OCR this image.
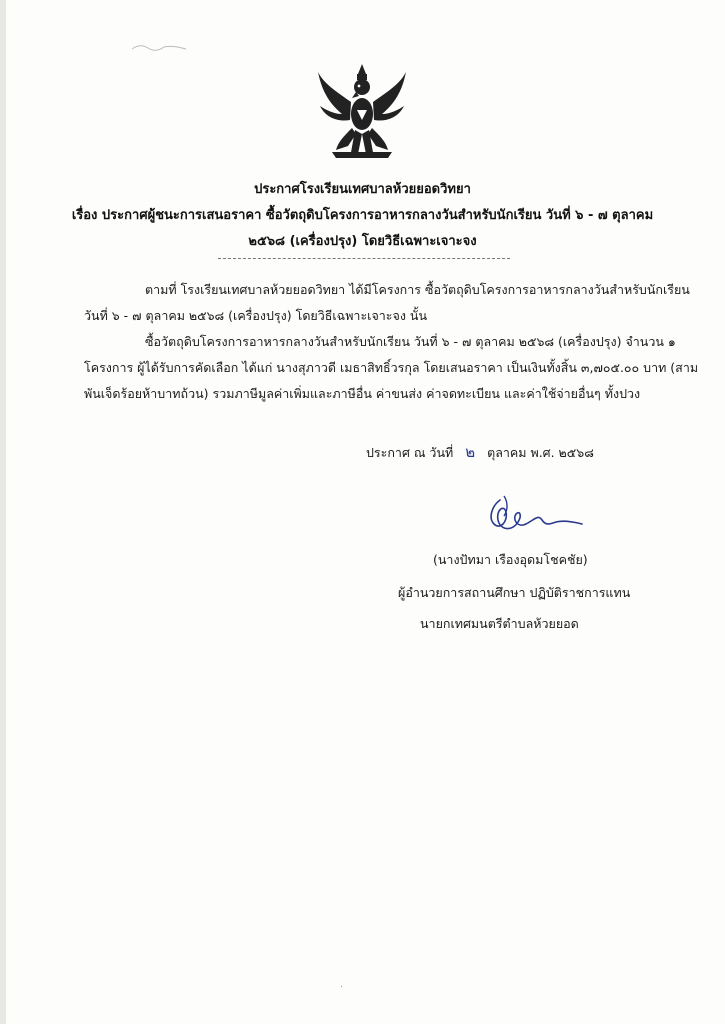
ประกาศโรงเรียนเทศบาลห้วยยอดวิทยา
เรื่อง ประกาศผู้ชนะการเสนอราคา ซื้อวัตถุดิบโครงการอาหารกลางวันสำหรับนักเรียน วันที่ ๖ - ๗ ตุลาคม
๒๕๖๘ (เครื่องปรุง) โดยวิธีเฉพาะเจาะจง
ตามที่ โรงเรียนเทศบาลห้วยยอดวิทยา ได้มีโครงการ ซื้อวัตถุดิบโครงการอาหารกลางวันสำหรับนักเรียน
วันที่ ๖ - ๗ ตุลาคม ๒๕๖๘ (เครื่องปรุง) โดยวิธีเฉพาะเจาะจง นั้น
ซื้อวัตถุดิบโครงการอาหารกลางวันสำหรับนักเรียน วันที่ ๖ - ๗ ตุลาคม ๒๕๖๘ (เครื่องปรุง) จำนวน ๑
โครงการ ผู้ได้รับการคัดเลือก ได้แก่ นางสุภาวดี เมธาสิทธิ์วรกุล โดยเสนอราคา เป็นเงินทั้งสิ้น ๓,๗๐๕.๐๐ บาท (สาม
พันเจ็ดร้อยห้าบาทถ้วน) รวมภาษีมูลค่าเพิ่มและภาษีอื่น ค่าขนส่ง ค่าจดทะเบียน และค่าใช้จ่ายอื่นๆ ทั้งปวง
ประกาศ ณ วันที่ ๒ ตุลาคม พ.ศ. ๒๕๖๘
(นางปัทมา เรืองอุดมโชคชัย)
ผู้อำนวยการสถานศึกษา ปฏิบัติราชการแทน
นายกเทศมนตรีตำบลห้วยยอด
·
